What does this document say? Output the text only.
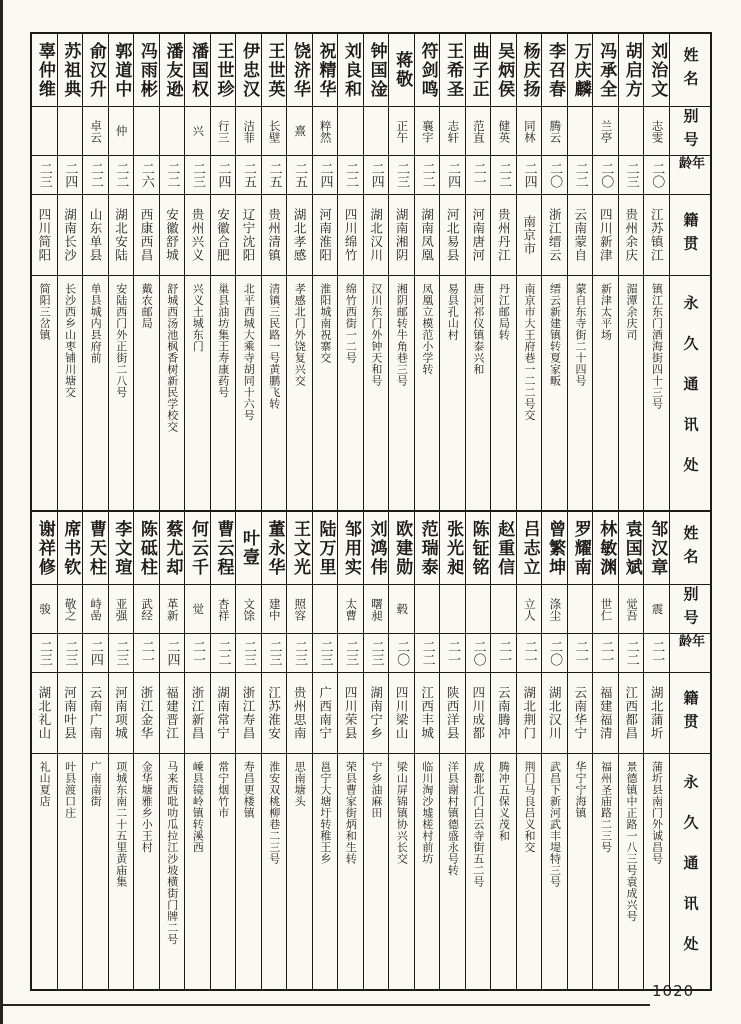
姓名
别号
年龄
籍贯
永久通讯处
刘治文
志雯
二〇
江苏镇江
镇江东门酒海街四十三号
胡启方
二三
贵州余庆
湄潭余庆司
冯承全
兰亭
二〇
四川新津
新津太平场
万庆麟
二二
云南蒙自
蒙自东寺街二十四号
李召春
腾云
二〇
浙江缙云
缙云新建镇转夏家畈
杨庆扬
同林
二四
南京市
南京市大王府巷一二二号交
吴炳侯
健英
二二
贵州丹江
丹江邮局转
曲子正
范直
二一
河南唐河
唐河祁仪镇泰兴和
王希圣
志轩
二四
河北易县
易县孔山村
符剑鸣
襄宇
二二
湖南凤凰
凤凰立模范小学转
蒋敬
正午
二三
湖南湘阴
湘阴邮转牛角巷三号
钟国淦
二四
湖北汉川
汉川东门外钟天和号
刘良和
二二
四川绵竹
绵竹西街一二号
祝精华
粹然
二四
河南淮阳
淮阳城南祝寨交
饶济华
熹
二五
湖北孝感
孝感北门外饶复兴交
王世英
长壁
二五
贵州清镇
清镇三民路一号黄鹏飞转
伊忠汉
洁菲
二五
辽宁沈阳
北平西城大乘寺胡同十六号
王世珍
行三
二四
安徽合肥
巢县油坊集王寿康药号
潘国权
兴
二三
贵州兴义
兴义土城东门
潘友逊
二二
安徽舒城
舒城西汤池枫香树新民学校交
冯雨彬
二六
西康西昌
戴农邮局
郭道中
仲
二二
湖北安陆
安陆西门外正街二八号
俞汉升
卓云
二二
山东单县
单县城内县府前
苏祖典
二四
湖南长沙
长沙西乡山枣铺川塘交
辜仲维
二三
四川简阳
简阳三岔镇
姓名
别号
年龄
籍贯
永久通讯处
邹汉章
震
二一
湖北蒲圻
蒲圻县南门外诚昌号
袁国斌
觉吾
二二
江西都昌
景德镇中正路一八三号袁成兴号
林敏渊
世仁
二一
福建福清
福州圣庙路二三号
罗耀南
二一
云南华宁
华宁宁海镇
曾繁坤
涤尘
二〇
湖北汉川
武昌下新河武丰堤特三号
吕志立
立人
二一
湖北荆门
荆门马良吕义和交
赵重信
二一
云南腾冲
腾冲五保义茂和
陈钲铭
二〇
四川成都
成都北门白云寺街五二号
张光昶
二一
陕西洋县
洋县谢村镇德盛永号转
范瑞泰
二二
江西丰城
临川淘沙墟槎村前坊
欧建勋
毂
二〇
四川梁山
梁山屏锦镇协兴长交
刘鸿伟
曙昶
二三
湖南宁乡
宁乡油麻田
邹用实
太曹
二三
四川荣县
荣县曹家街炳和生转
陆万里
二三
广西南宁
邕宁大塘圩转稚王乡
王文光
照容
二三
贵州思南
思南塘头
董永华
建中
二三
江苏淮安
淮安双桃柳巷二三号
叶壹
文馀
二三
浙江寿昌
寿昌更楼镇
曹云程
杏祥
二二
湖南常宁
常宁烟竹市
何云千
觉
二一
浙江新昌
嵊县镜岭镇转溪西
蔡尤却
革新
二四
福建晋江
马来西吡叻瓜拉江沙坡横街门牌二号
陈砥柱
武经
二一
浙江金华
金华塘雅乡小王村
李文瑄
亚强
二三
河南项城
项城东南二十五里黄庙集
曹天柱
峙嵒
二四
云南广南
广南南街
席书钦
敬之
二三
河南叶县
叶县渡口庄
谢祥修
骏
二三
湖北礼山
礼山夏店
1020
